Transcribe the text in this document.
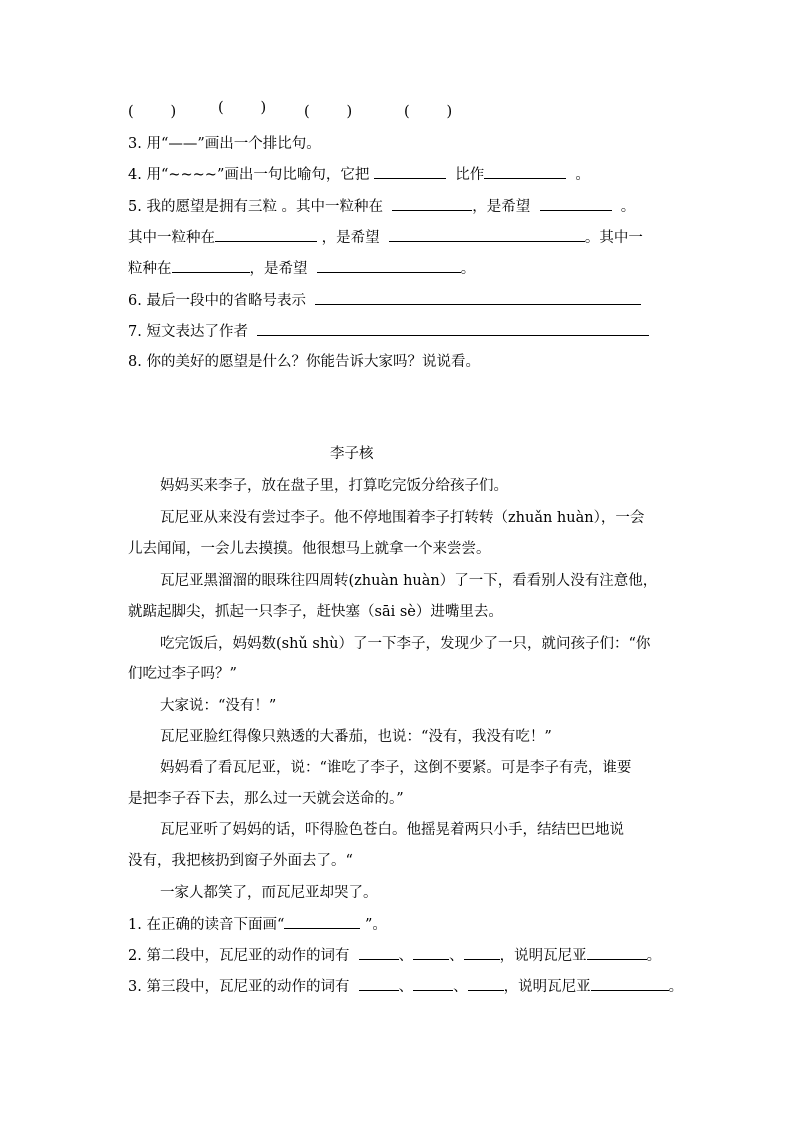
(        )	(        )	(        )	(        )
3. 用“——”画出一个排比句。
4. 用“~~~~”画出一句比喻句，它把	比作	。
5. 我的愿望是拥有三粒 。其中一粒种在	，是希望	。
其中一粒种在	，是希望	。其中一
粒种在	，是希望	。
6. 最后一段中的省略号表示
7. 短文表达了作者
8. 你的美好的愿望是什么？你能告诉大家吗？说说看。
李子核
妈妈买来李子，放在盘子里，打算吃完饭分给孩子们。
瓦尼亚从来没有尝过李子。他不停地围着李子打转转（zhuǎn huàn），一会
儿去闻闻，一会儿去摸摸。他很想马上就拿一个来尝尝。
瓦尼亚黑溜溜的眼珠往四周转(zhuàn huàn）了一下，看看别人没有注意他，
就踮起脚尖，抓起一只李子，赶快塞（sāi sè）进嘴里去。
吃完饭后，妈妈数(shǔ shù）了一下李子，发现少了一只，就问孩子们：“你
们吃过李子吗？”
大家说：“没有！”
瓦尼亚脸红得像只熟透的大番茄，也说：“没有，我没有吃！”
妈妈看了看瓦尼亚，说：“谁吃了李子，这倒不要紧。可是李子有壳，谁要
是把李子吞下去，那么过一天就会送命的。”
瓦尼亚听了妈妈的话，吓得脸色苍白。他摇晃着两只小手，结结巴巴地说
没有，我把核扔到窗子外面去了。“
一家人都笑了，而瓦尼亚却哭了。
1. 在正确的读音下面画“	”。
2. 第二段中，瓦尼亚的动作的词有	、 、 ，说明瓦尼亚	。
3. 第三段中，瓦尼亚的动作的词有	、	、 ，说明瓦尼亚	。
